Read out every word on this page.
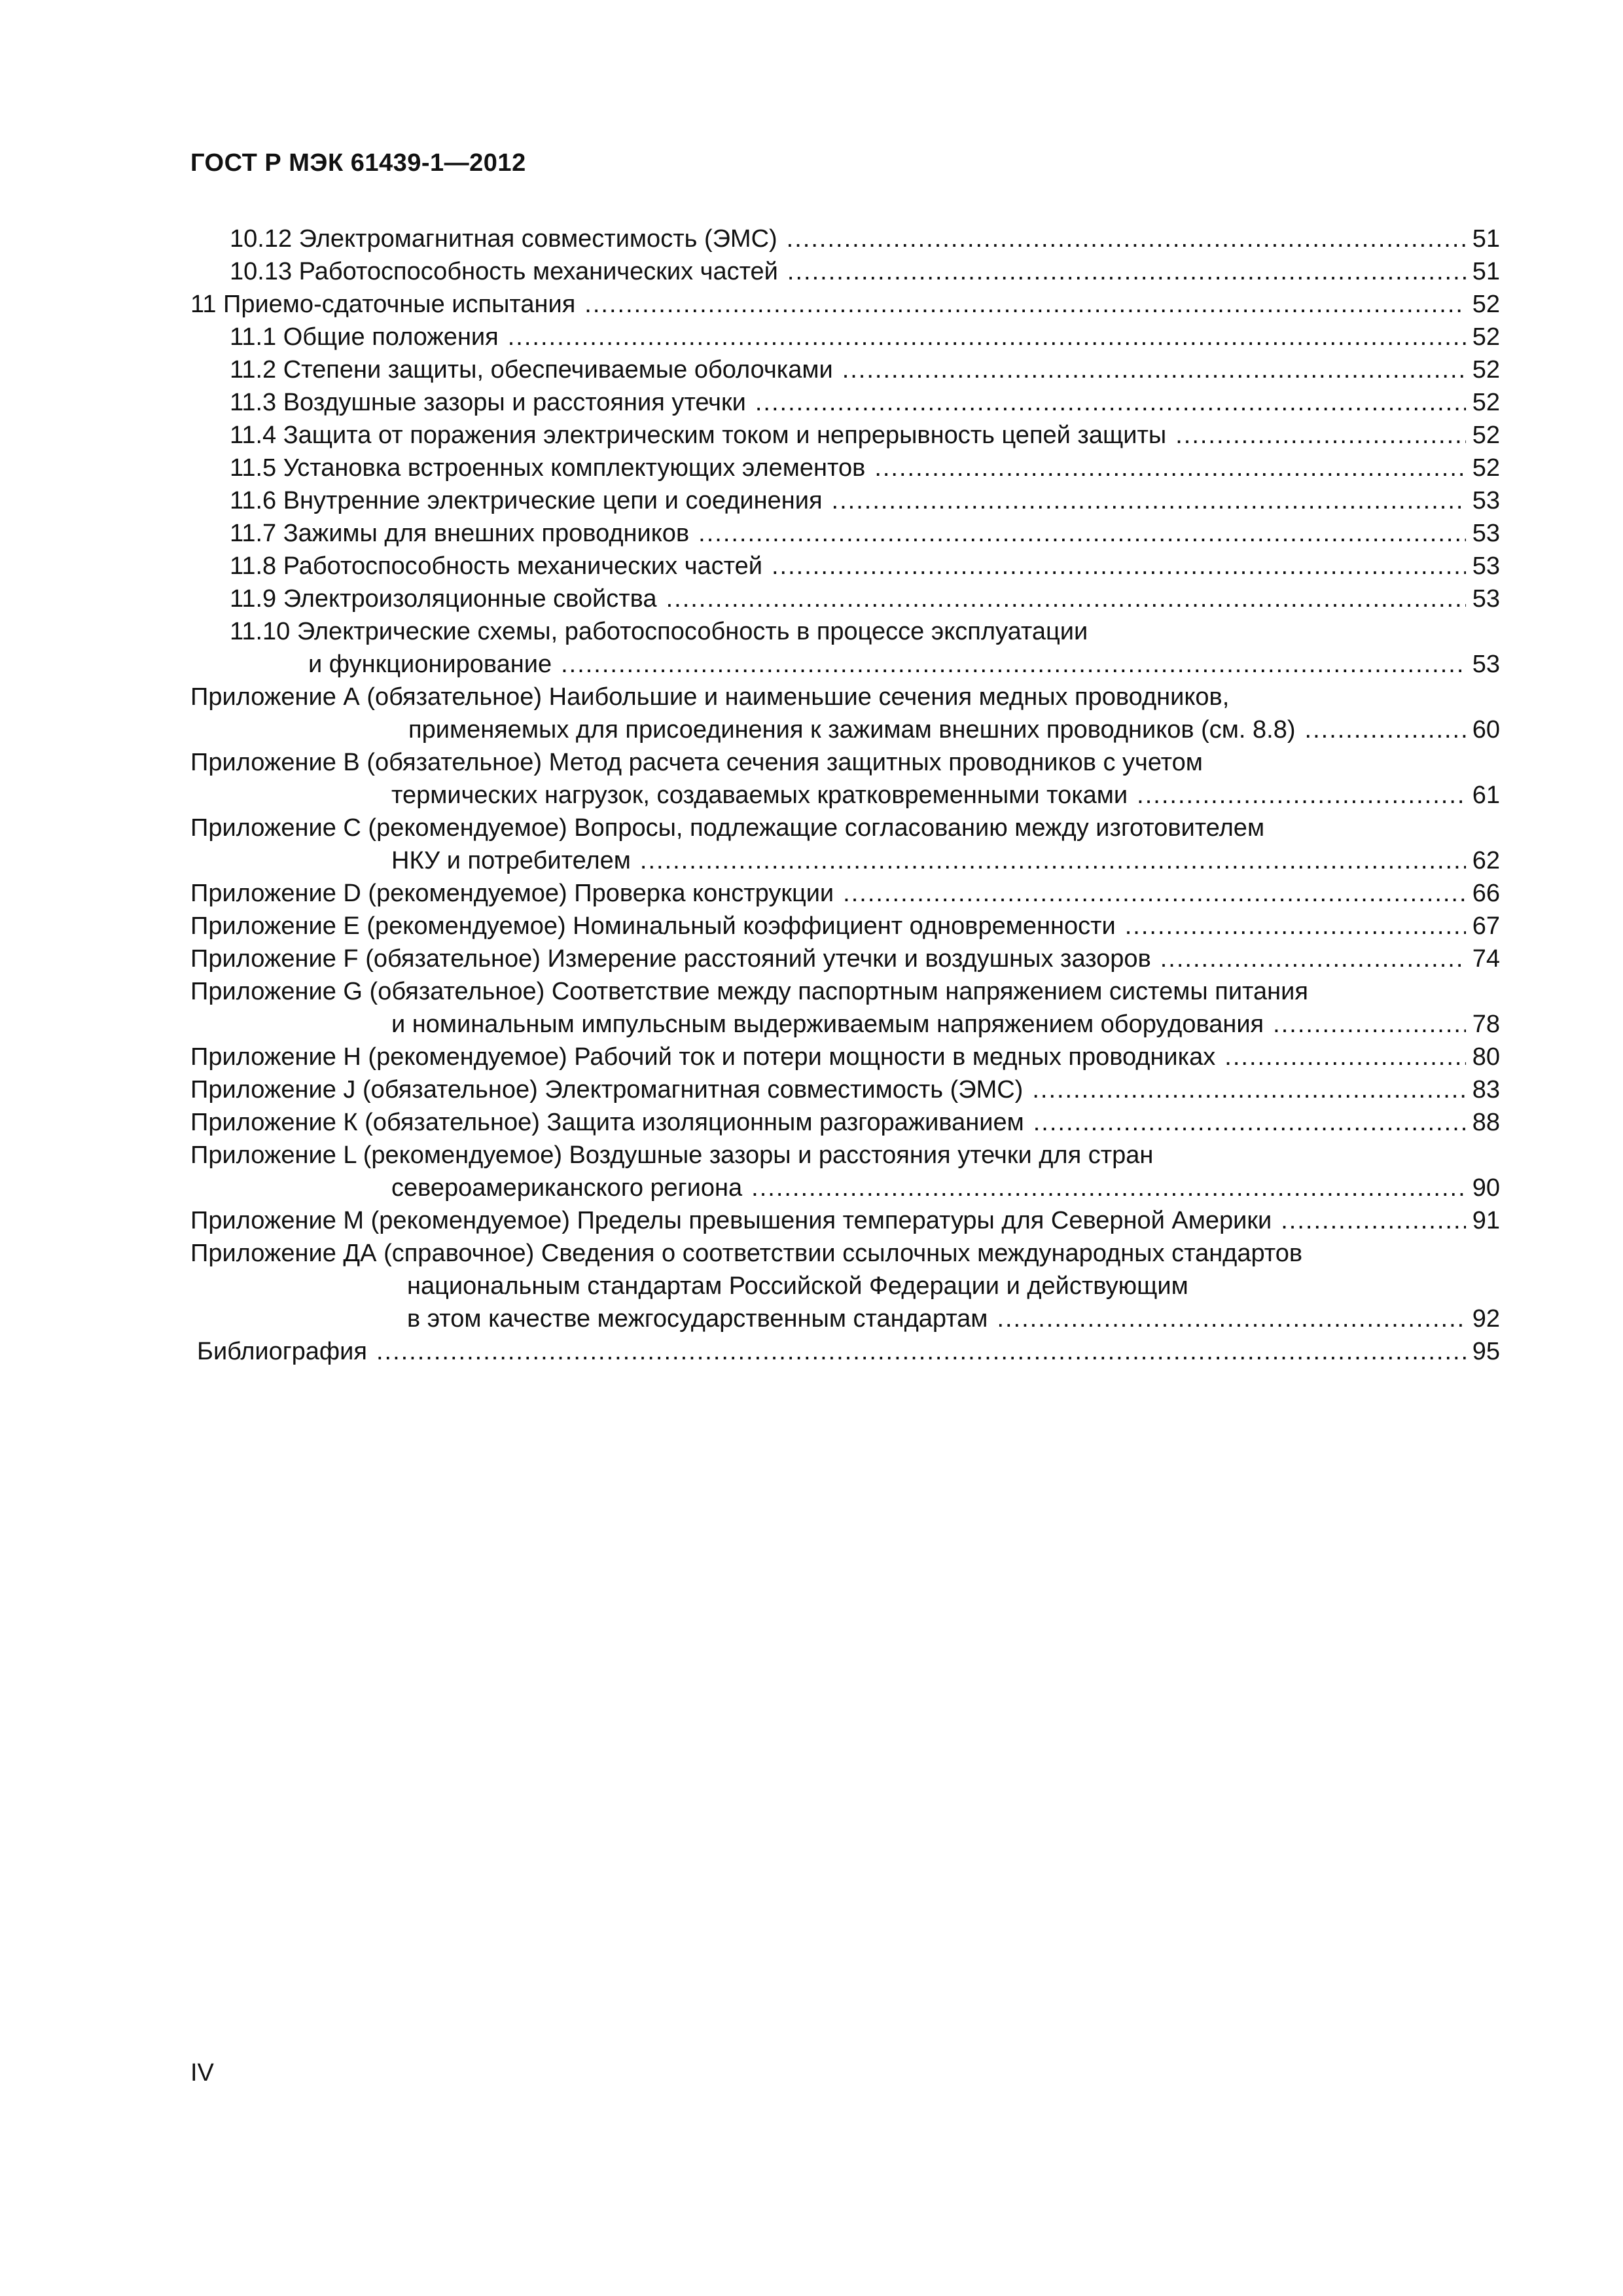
ГОСТ Р МЭК 61439-1—2012
10.12 Электромагнитная совместимость (ЭМС) .....	51
10.13 Работоспособность механических частей .....	51
11 Приемо-сдаточные испытания .....	52
11.1 Общие положения .....	52
11.2 Степени защиты, обеспечиваемые оболочками .....	52
11.3 Воздушные зазоры и расстояния утечки .....	52
11.4 Защита от поражения электрическим током и непрерывность цепей защиты .....	52
11.5 Установка встроенных комплектующих элементов .....	52
11.6 Внутренние электрические цепи и соединения .....	53
11.7 Зажимы для внешних проводников .....	53
11.8 Работоспособность механических частей .....	53
11.9 Электроизоляционные свойства .....	53
11.10 Электрические схемы, работоспособность в процессе эксплуатации
и функционирование .....	53
Приложение А (обязательное) Наибольшие и наименьшие сечения медных проводников,
применяемых для присоединения к зажимам внешних проводников (см. 8.8) .....	60
Приложение В (обязательное) Метод расчета сечения защитных проводников с учетом
термических нагрузок, создаваемых кратковременными токами .....	61
Приложение С (рекомендуемое) Вопросы, подлежащие согласованию между изготовителем
НКУ и потребителем .....	62
Приложение D (рекомендуемое) Проверка конструкции .....	66
Приложение Е (рекомендуемое) Номинальный коэффициент одновременности .....	67
Приложение F (обязательное) Измерение расстояний утечки и воздушных зазоров .....	74
Приложение G (обязательное) Соответствие между паспортным напряжением системы питания
и номинальным импульсным выдерживаемым напряжением оборудования .....	78
Приложение Н (рекомендуемое) Рабочий ток и потери мощности в медных проводниках .....	80
Приложение J (обязательное) Электромагнитная совместимость (ЭМС) .....	83
Приложение К (обязательное) Защита изоляционным разгораживанием .....	88
Приложение L (рекомендуемое) Воздушные зазоры и расстояния утечки для стран
североамериканского региона .....	90
Приложение М (рекомендуемое) Пределы превышения температуры для Северной Америки .....	91
Приложение ДА (справочное) Сведения о соответствии ссылочных международных стандартов
национальным стандартам Российской Федерации и действующим
в этом качестве межгосударственным стандартам .....	92
Библиография .....	95
IV
